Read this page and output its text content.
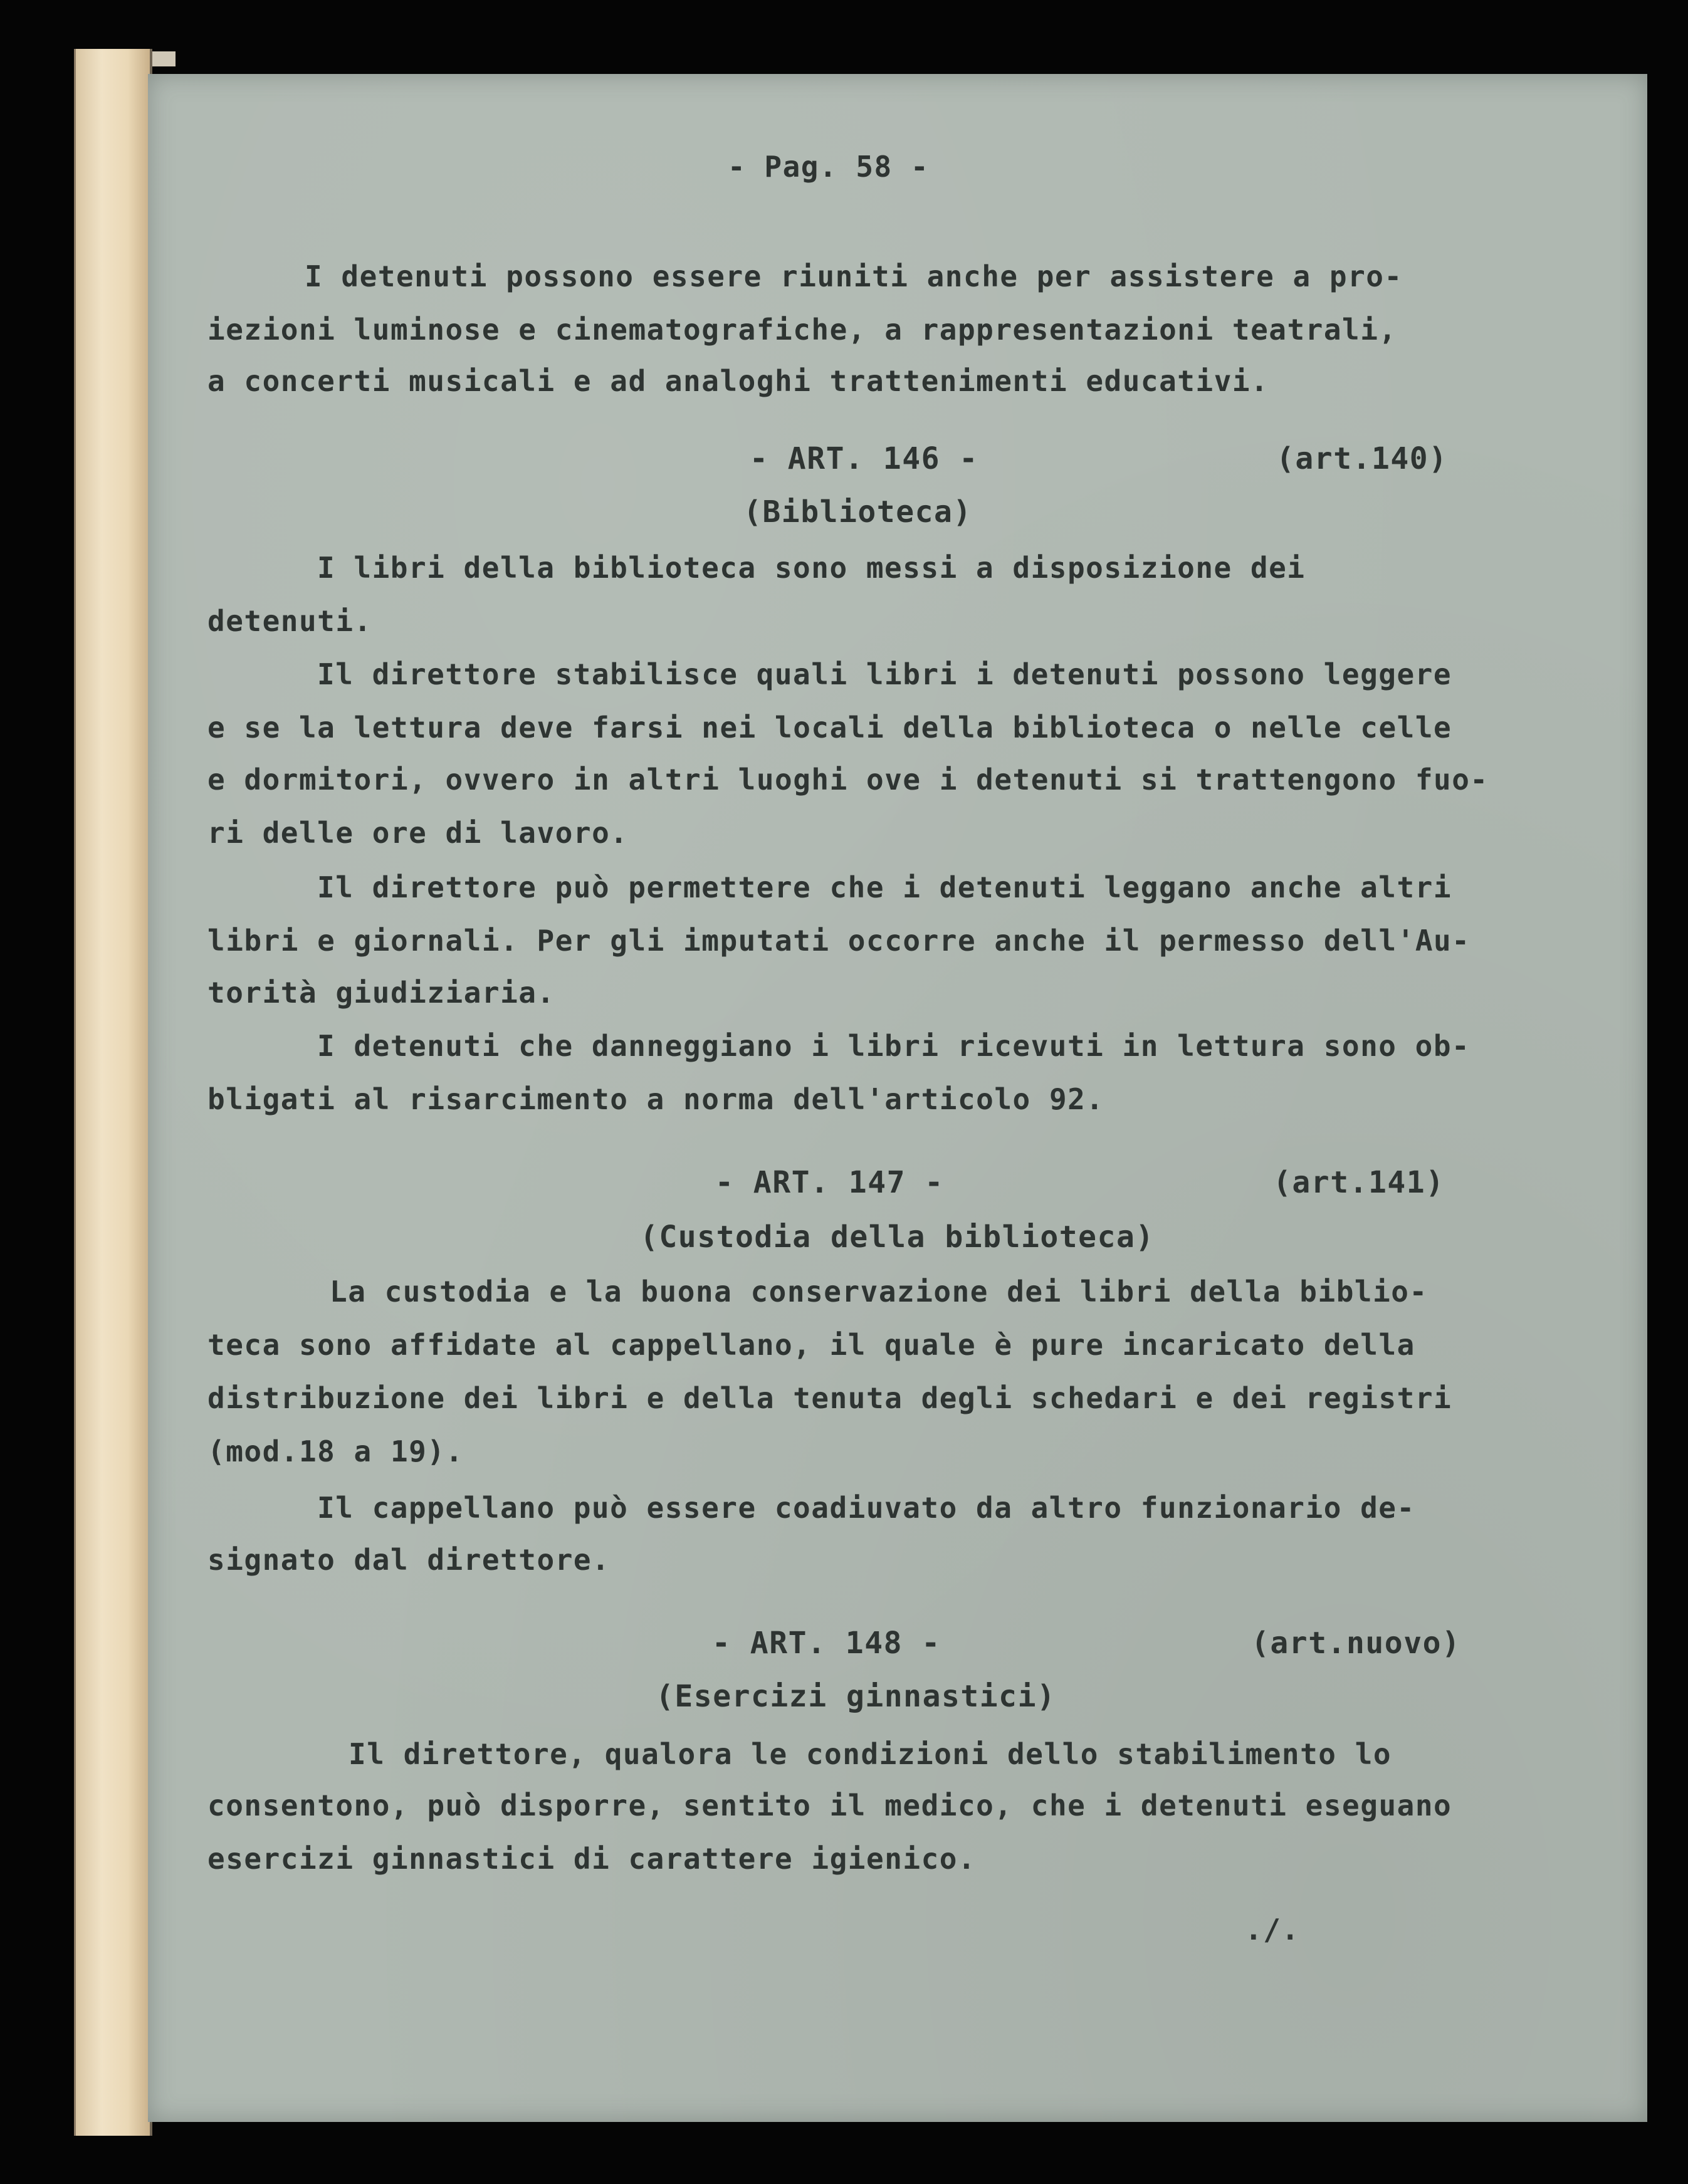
- Pag. 58 -

I detenuti possono essere riuniti anche per assistere a pro-

iezioni luminose e cinematografiche, a rappresentazioni teatrali,

a concerti musicali e ad analoghi trattenimenti educativi.

- ART. 146 -	(art.140)

(Biblioteca)

I libri della biblioteca sono messi a disposizione dei

detenuti.

Il direttore stabilisce quali libri i detenuti possono leggere

e se la lettura deve farsi nei locali della biblioteca o nelle celle

e dormitori, ovvero in altri luoghi ove i detenuti si trattengono fuo-

ri delle ore di lavoro.

Il direttore può permettere che i detenuti leggano anche altri

libri e giornali. Per gli imputati occorre anche il permesso dell'Au-

torità giudiziaria.

I detenuti che danneggiano i libri ricevuti in lettura sono ob-

bligati al risarcimento a norma dell'articolo 92.

- ART. 147 -	(art.141)

(Custodia della biblioteca)

La custodia e la buona conservazione dei libri della biblio-

teca sono affidate al cappellano, il quale è pure incaricato della

distribuzione dei libri e della tenuta degli schedari e dei registri

(mod.18 a 19).

Il cappellano può essere coadiuvato da altro funzionario de-

signato dal direttore.

- ART. 148 -	(art.nuovo)

(Esercizi ginnastici)

Il direttore, qualora le condizioni dello stabilimento lo

consentono, può disporre, sentito il medico, che i detenuti eseguano

esercizi ginnastici di carattere igienico.

./.
